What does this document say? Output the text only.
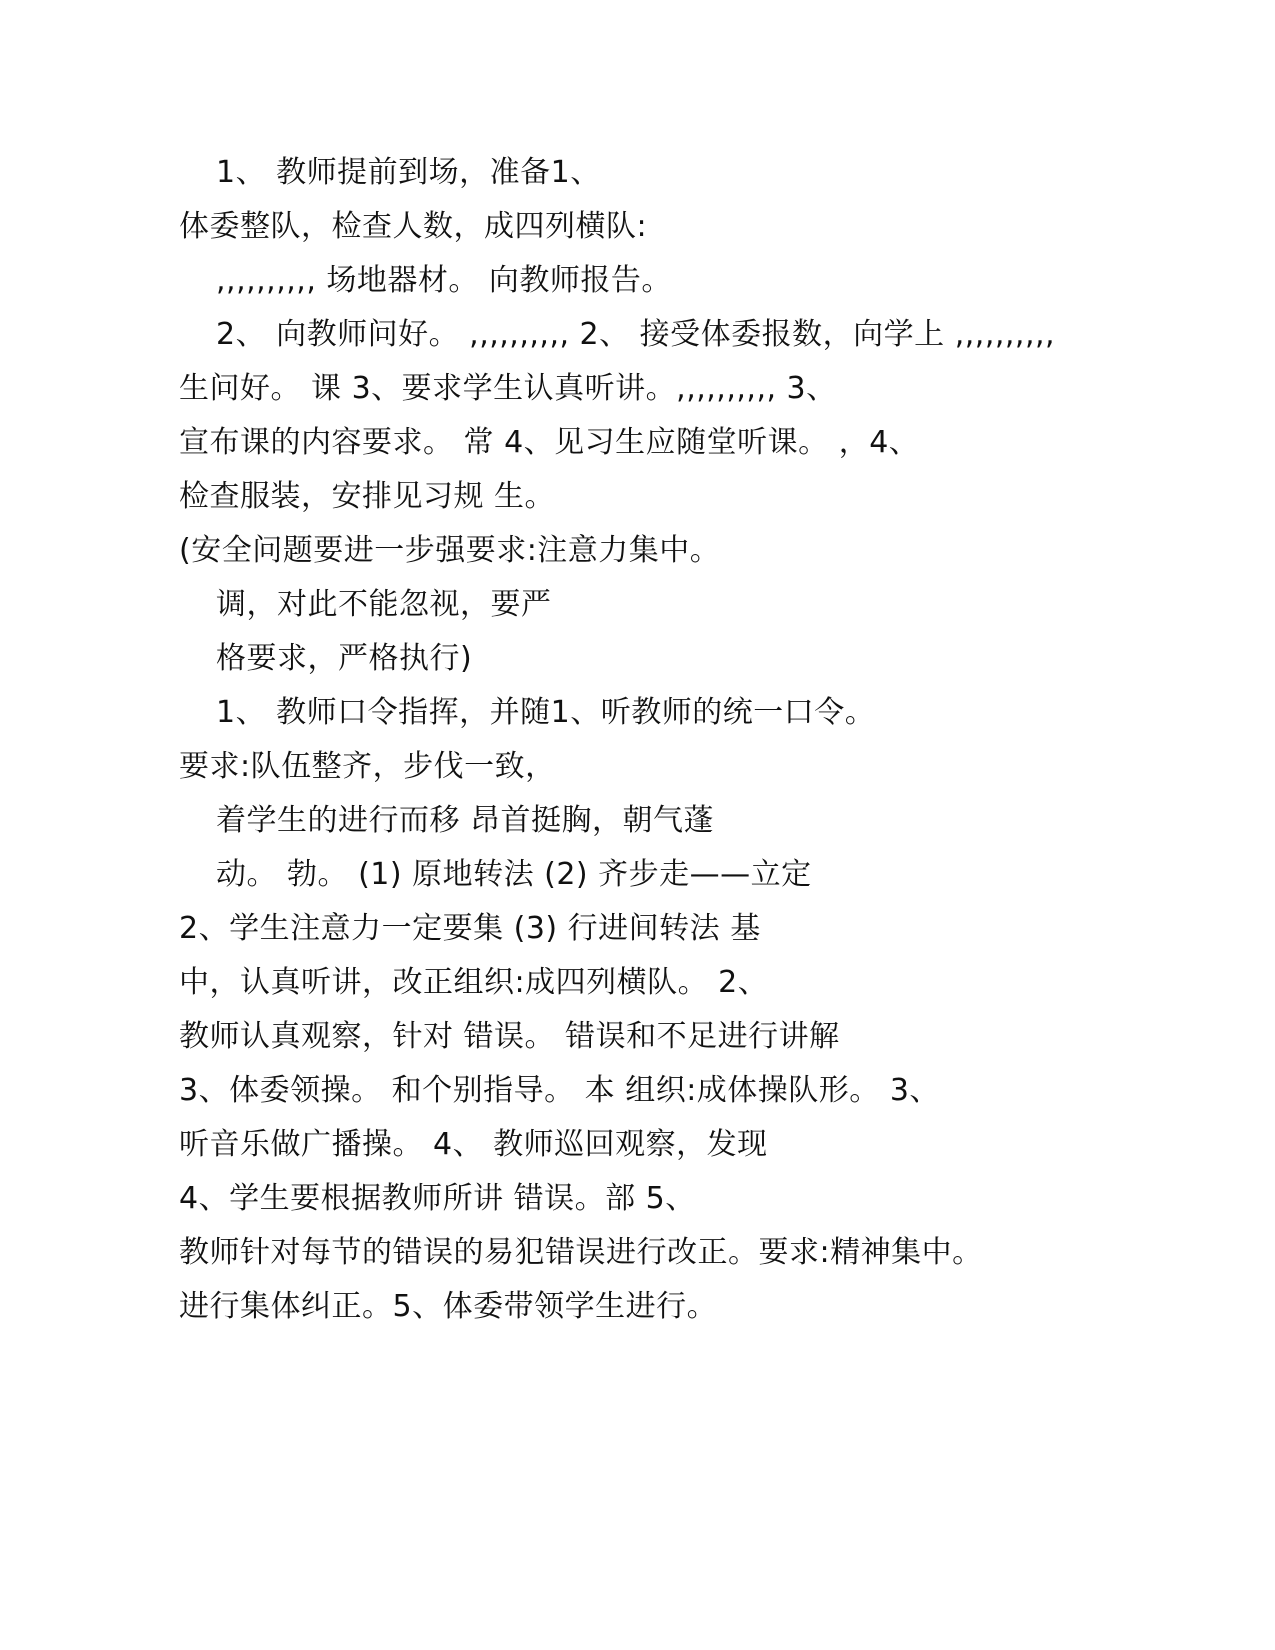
1、 教师提前到场，准备1、
体委整队，检查人数，成四列横队:
,,,,,,,,,, 场地器材。 向教师报告。
2、 向教师问好。 ,,,,,,,,,, 2、 接受体委报数，向学上 ,,,,,,,,,,
生问好。 课 3、要求学生认真听讲。,,,,,,,,,, 3、
宣布课的内容要求。 常 4、见习生应随堂听课。 ，4、
检查服装，安排见习规 生。
(安全问题要进一步强要求:注意力集中。
调，对此不能忽视，要严
格要求，严格执行)
1、 教师口令指挥，并随1、听教师的统一口令。
要求:队伍整齐，步伐一致，
着学生的进行而移 昂首挺胸，朝气蓬
动。 勃。 (1) 原地转法 (2) 齐步走——立定
2、学生注意力一定要集 (3) 行进间转法 基
中，认真听讲，改正组织:成四列横队。 2、
教师认真观察，针对 错误。 错误和不足进行讲解
3、体委领操。 和个别指导。 本 组织:成体操队形。 3、
听音乐做广播操。 4、 教师巡回观察，发现
4、学生要根据教师所讲 错误。部 5、
教师针对每节的错误的易犯错误进行改正。要求:精神集中。
进行集体纠正。5、体委带领学生进行。
